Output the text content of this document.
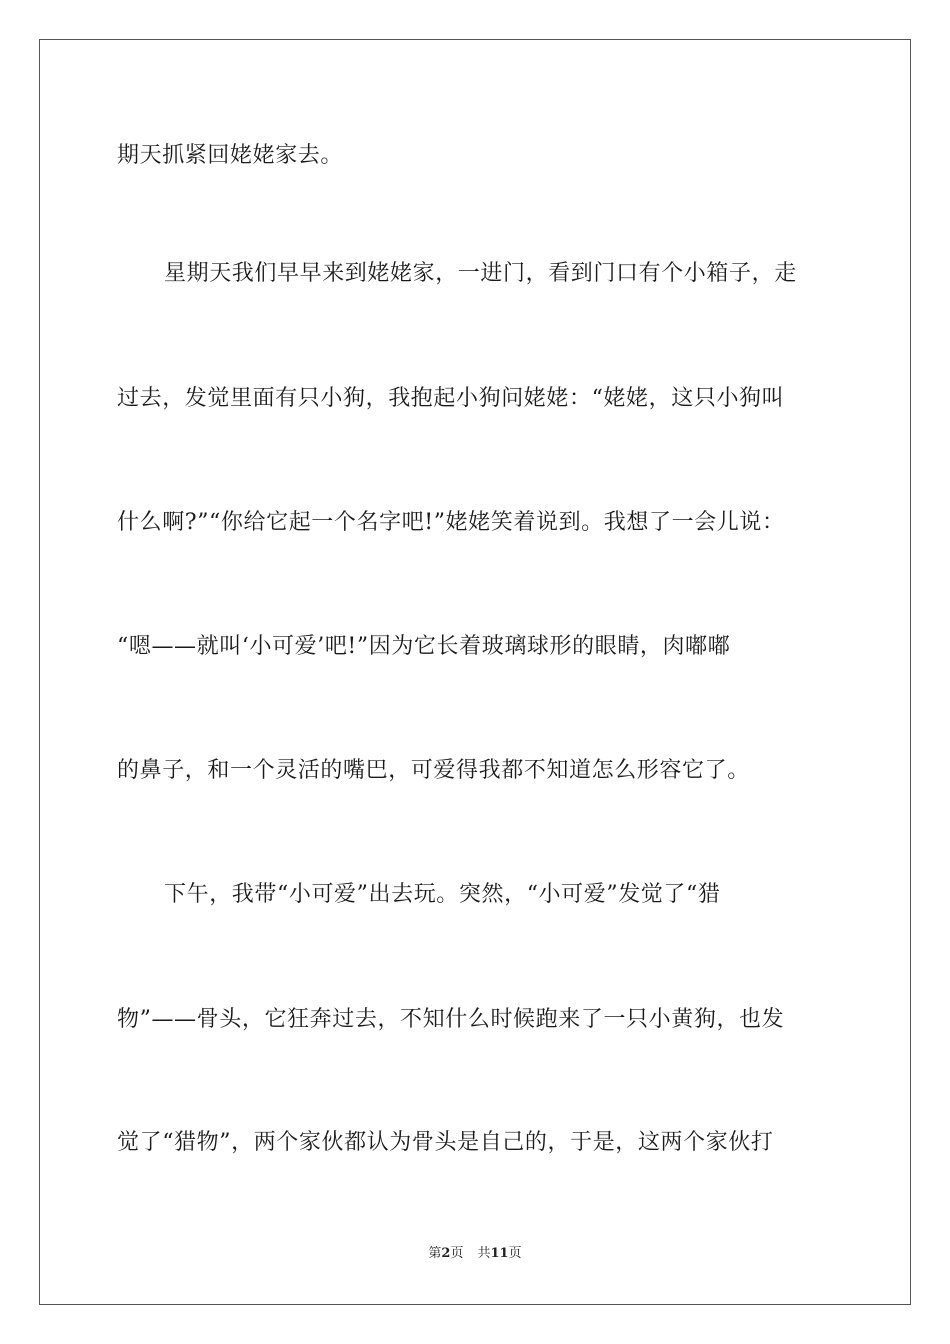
期天抓紧回姥姥家去。
星期天我们早早来到姥姥家，一进门，看到门口有个小箱子，走
过去，发觉里面有只小狗，我抱起小狗问姥姥：“姥姥，这只小狗叫
什么啊?”“你给它起一个名字吧!”姥姥笑着说到。我想了一会儿说：
“嗯——就叫‘小可爱’吧!”因为它长着玻璃球形的眼睛，肉嘟嘟
的鼻子，和一个灵活的嘴巴，可爱得我都不知道怎么形容它了。
下午，我带“小可爱”出去玩。突然，“小可爱”发觉了“猎
物”——骨头，它狂奔过去，不知什么时候跑来了一只小黄狗，也发
觉了“猎物”，两个家伙都认为骨头是自己的，于是，这两个家伙打
第2页 共11页
